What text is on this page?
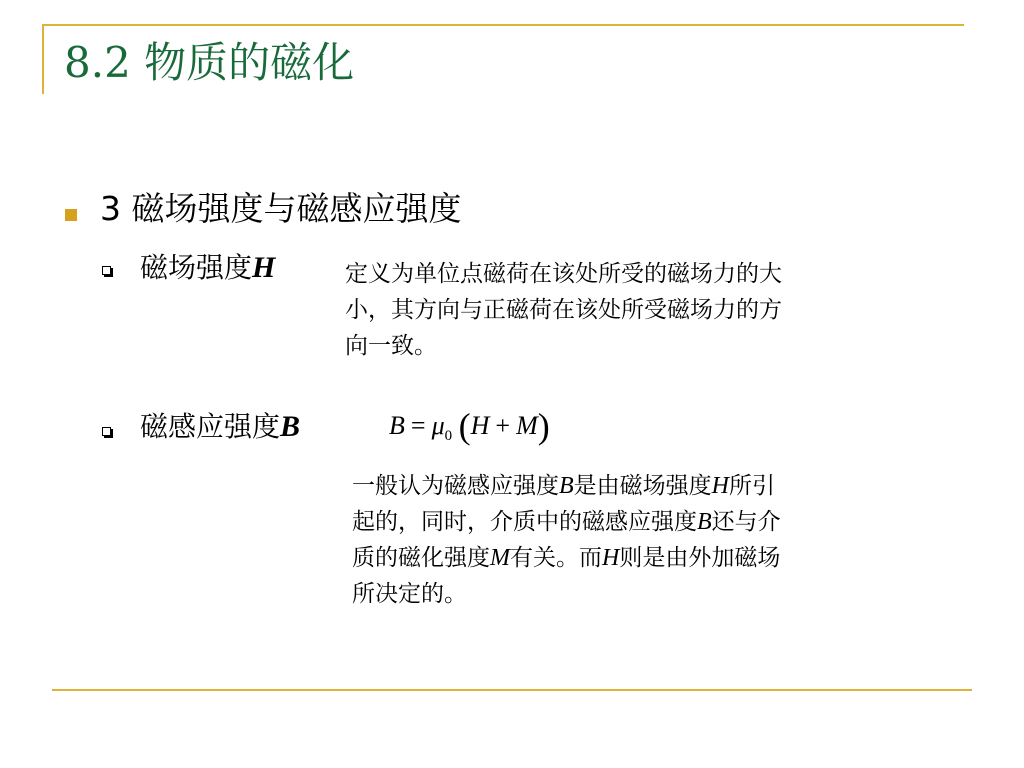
8.2 物质的磁化
3 磁场强度与磁感应强度
磁场强度H	定义为单位点磁荷在该处所受的磁场力的大
小，其方向与正磁荷在该处所受磁场力的方
向一致。
磁感应强度B	$B = \mu_0$ (H + M)
一般认为磁感应强度B是由磁场强度H所引
起的，同时，介质中的磁感应强度B还与介
质的磁化强度M有关。而H则是由外加磁场
所决定的。
